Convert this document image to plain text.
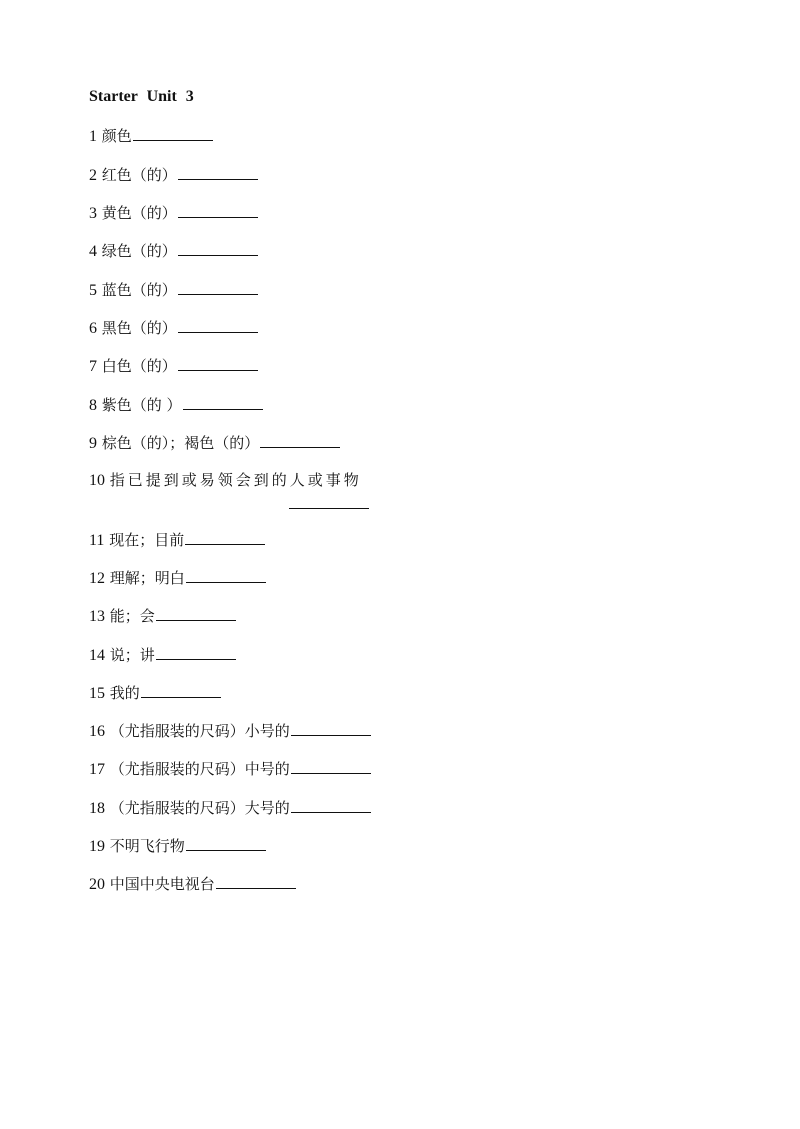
Starter Unit 3
1 颜色
2 红色（的）
3 黄色（的）
4 绿色（的）
5 蓝色（的）
6 黑色（的）
7 白色（的）
8 紫色（的 ）
9 棕色（的）；褐色（的）
10 指已提到或易领会到的人或事物
11 现在；目前
12 理解；明白
13 能；会
14 说；讲
15 我的
16 （尤指服装的尺码）小号的
17 （尤指服装的尺码）中号的
18 （尤指服装的尺码）大号的
19 不明飞行物
20 中国中央电视台
